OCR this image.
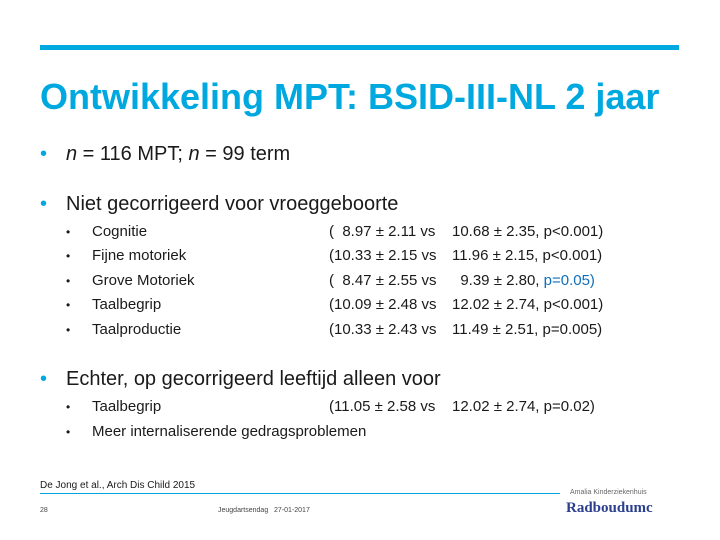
Ontwikkeling MPT: BSID-III-NL 2 jaar
• n = 116 MPT; n = 99 term
• Niet gecorrigeerd voor vroeggeboorte
• Cognitie	(  8.97 ± 2.11 vs 10.68 ± 2.35, p<0.001)
• Fijne motoriek	(10.33 ± 2.15 vs 11.96 ± 2.15, p<0.001)
• Grove Motoriek	(  8.47 ± 2.55 vs 9.39 ± 2.80, p=0.05)
• Taalbegrip	(10.09 ± 2.48 vs 12.02 ± 2.74, p<0.001)
• Taalproductie	(10.33 ± 2.43 vs 11.49 ± 2.51, p=0.005)
• Echter, op gecorrigeerd leeftijd alleen voor
• Taalbegrip	(11.05 ± 2.58 vs 12.02 ± 2.74, p=0.02)
• Meer internaliserende gedragsproblemen
De Jong et al., Arch Dis Child 2015
28	Jeugdartsendag   27-01-2017
Amalia Kinderziekenhuis
Radboudumc
